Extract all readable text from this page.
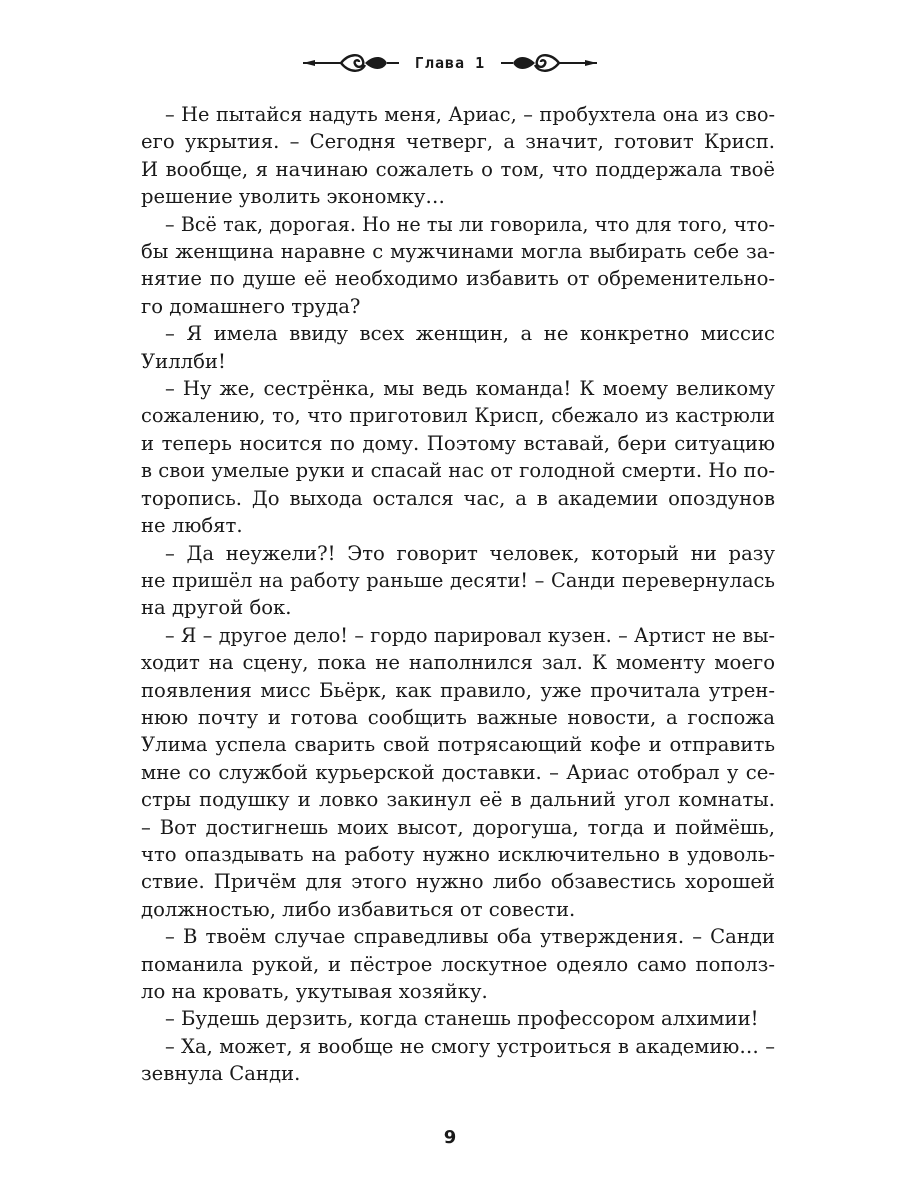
Глава 1
– Не пытайся надуть меня, Ариас, – пробухтела она из сво-
его укрытия. – Сегодня четверг, а значит, готовит Крисп.
И вообще, я начинаю сожалеть о том, что поддержала твоё
решение уволить экономку…
– Всё так, дорогая. Но не ты ли говорила, что для того, что-
бы женщина наравне с мужчинами могла выбирать себе за-
нятие по душе её необходимо избавить от обременительно-
го домашнего труда?
– Я имела ввиду всех женщин, а не конкретно миссис
Уиллби!
– Ну же, сестрёнка, мы ведь команда! К моему великому
сожалению, то, что приготовил Крисп, сбежало из кастрюли
и теперь носится по дому. Поэтому вставай, бери ситуацию
в свои умелые руки и спасай нас от голодной смерти. Но по-
торопись. До выхода остался час, а в академии опоздунов
не любят.
– Да неужели?! Это говорит человек, который ни разу
не пришёл на работу раньше десяти! – Санди перевернулась
на другой бок.
– Я – другое дело! – гордо парировал кузен. – Артист не вы-
ходит на сцену, пока не наполнился зал. К моменту моего
появления мисс Бьёрк, как правило, уже прочитала утрен-
нюю почту и готова сообщить важные новости, а госпожа
Улима успела сварить свой потрясающий кофе и отправить
мне со службой курьерской доставки. – Ариас отобрал у се-
стры подушку и ловко закинул её в дальний угол комнаты.
– Вот достигнешь моих высот, дорогуша, тогда и поймёшь,
что опаздывать на работу нужно исключительно в удоволь-
ствие. Причём для этого нужно либо обзавестись хорошей
должностью, либо избавиться от совести.
– В твоём случае справедливы оба утверждения. – Санди
поманила рукой, и пёстрое лоскутное одеяло само пополз-
ло на кровать, укутывая хозяйку.
– Будешь дерзить, когда станешь профессором алхимии!
– Ха, может, я вообще не смогу устроиться в академию… –
зевнула Санди.
9
